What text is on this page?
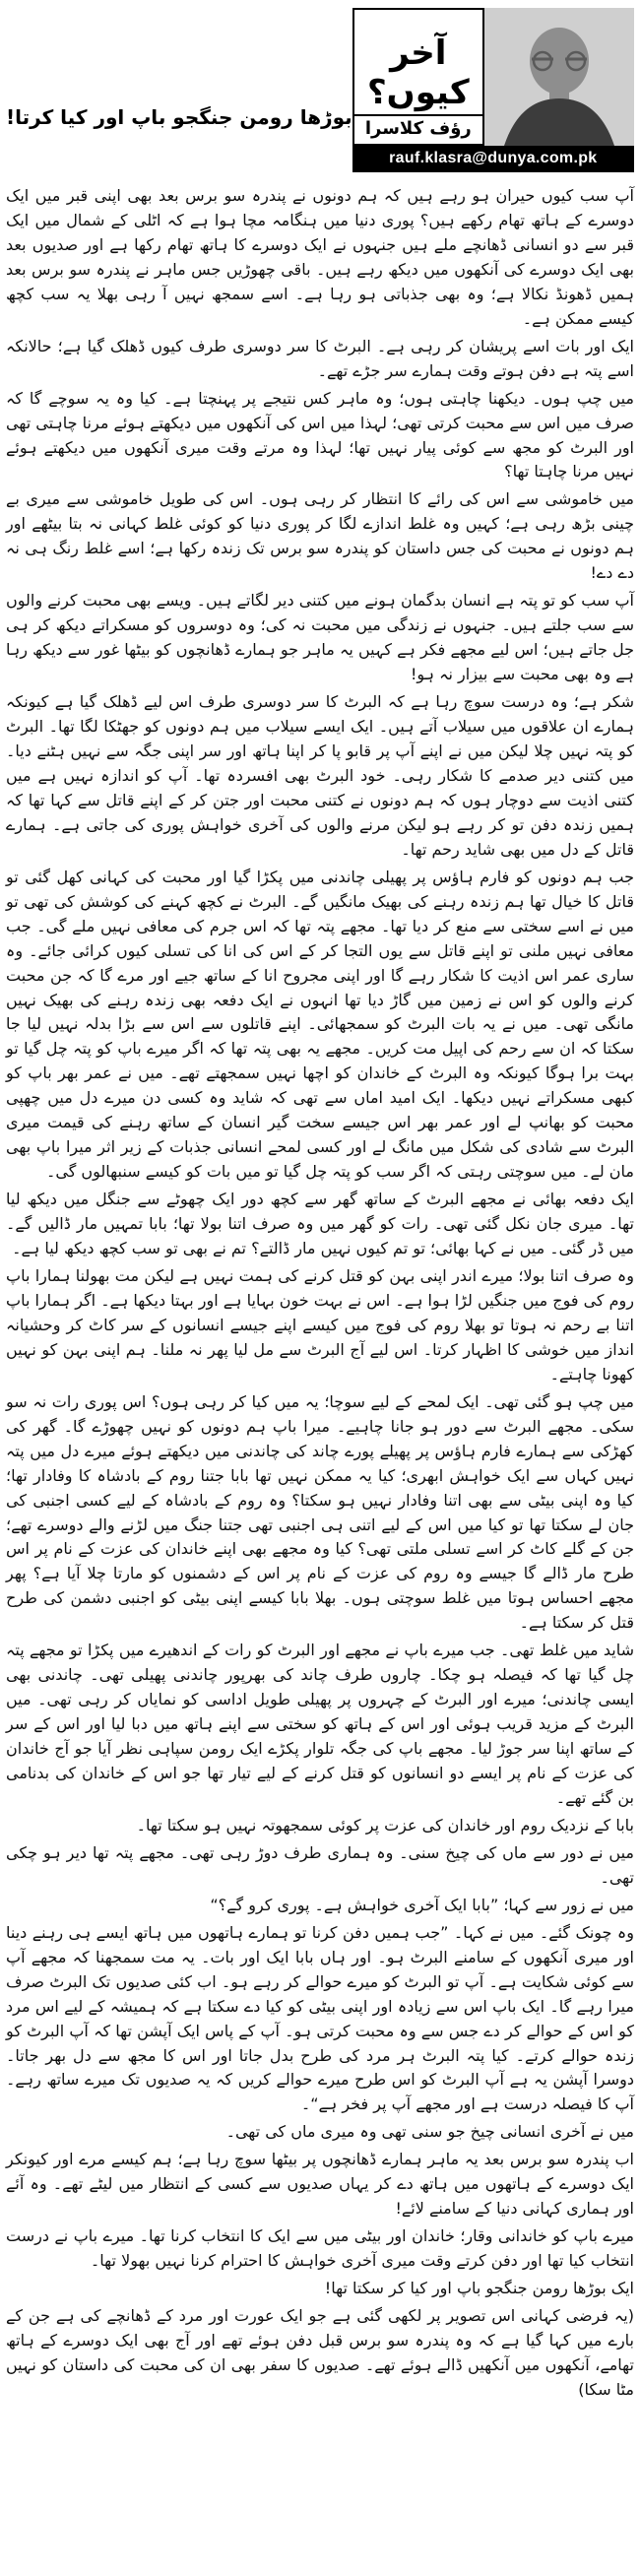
آخر کیوں؟
رؤف کلاسرا
rauf.klasra@dunya.com.pk
بوڑھا رومن جنگجو باپ اور کیا کرتا!

آپ سب کیوں حیران ہو رہے ہیں کہ ہم دونوں نے پندرہ سو برس بعد بھی اپنی قبر میں ایک دوسرے کے ہاتھ تھام رکھے ہیں؟ پوری دنیا میں ہنگامہ مچا ہوا ہے کہ اٹلی کے شمال میں ایک قبر سے دو انسانی ڈھانچے ملے ہیں جنہوں نے ایک دوسرے کا ہاتھ تھام رکھا ہے اور صدیوں بعد بھی ایک دوسرے کی آنکھوں میں دیکھ رہے ہیں۔ باقی چھوڑیں جس ماہر نے پندرہ سو برس بعد ہمیں ڈھونڈ نکالا ہے؛ وہ بھی جذباتی ہو رہا ہے۔ اسے سمجھ نہیں آ رہی بھلا یہ سب کچھ کیسے ممکن ہے۔

ایک اور بات اسے پریشان کر رہی ہے۔ البرٹ کا سر دوسری طرف کیوں ڈھلک گیا ہے؛ حالانکہ اسے پتہ ہے دفن ہوتے وقت ہمارے سر جڑے تھے۔

میں چپ ہوں۔ دیکھنا چاہتی ہوں؛ وہ ماہر کس نتیجے پر پہنچتا ہے۔ کیا وہ یہ سوچے گا کہ صرف میں اس سے محبت کرتی تھی؛ لہذا میں اس کی آنکھوں میں دیکھتے ہوئے مرنا چاہتی تھی اور البرٹ کو مجھ سے کوئی پیار نہیں تھا؛ لہذا وہ مرتے وقت میری آنکھوں میں دیکھتے ہوئے نہیں مرنا چاہتا تھا؟

میں خاموشی سے اس کی رائے کا انتظار کر رہی ہوں۔ اس کی طویل خاموشی سے میری بے چینی بڑھ رہی ہے؛ کہیں وہ غلط اندازے لگا کر پوری دنیا کو کوئی غلط کہانی نہ بتا بیٹھے اور ہم دونوں نے محبت کی جس داستان کو پندرہ سو برس تک زندہ رکھا ہے؛ اسے غلط رنگ ہی نہ دے دے!

آپ سب کو تو پتہ ہے انسان بدگمان ہونے میں کتنی دیر لگاتے ہیں۔ ویسے بھی محبت کرنے والوں سے سب جلتے ہیں۔ جنہوں نے زندگی میں محبت نہ کی؛ وہ دوسروں کو مسکراتے دیکھ کر ہی جل جاتے ہیں؛ اس لیے مجھے فکر ہے کہیں یہ ماہر جو ہمارے ڈھانچوں کو بیٹھا غور سے دیکھ رہا ہے وہ بھی محبت سے بیزار نہ ہو!

شکر ہے؛ وہ درست سوچ رہا ہے کہ البرٹ کا سر دوسری طرف اس لیے ڈھلک گیا ہے کیونکہ ہمارے ان علاقوں میں سیلاب آتے ہیں۔ ایک ایسے سیلاب میں ہم دونوں کو جھٹکا لگا تھا۔ البرٹ کو پتہ نہیں چلا لیکن میں نے اپنے آپ پر قابو پا کر اپنا ہاتھ اور سر اپنی جگہ سے نہیں ہٹنے دیا۔ میں کتنی دیر صدمے کا شکار رہی۔ خود البرٹ بھی افسردہ تھا۔ آپ کو اندازہ نہیں ہے میں کتنی اذیت سے دوچار ہوں کہ ہم دونوں نے کتنی محبت اور جتن کر کے اپنے قاتل سے کہا تھا کہ ہمیں زندہ دفن تو کر رہے ہو لیکن مرنے والوں کی آخری خواہش پوری کی جاتی ہے۔ ہمارے قاتل کے دل میں بھی شاید رحم تھا۔

جب ہم دونوں کو فارم ہاؤس پر پھیلی چاندنی میں پکڑا گیا اور محبت کی کہانی کھل گئی تو قاتل کا خیال تھا ہم زندہ رہنے کی بھیک مانگیں گے۔ البرٹ نے کچھ کہنے کی کوشش کی تھی تو میں نے اسے سختی سے منع کر دیا تھا۔ مجھے پتہ تھا کہ اس جرم کی معافی نہیں ملے گی۔ جب معافی نہیں ملنی تو اپنے قاتل سے یوں التجا کر کے اس کی انا کی تسلی کیوں کرائی جائے۔ وہ ساری عمر اس اذیت کا شکار رہے گا اور اپنی مجروح انا کے ساتھ جیے اور مرے گا کہ جن محبت کرنے والوں کو اس نے زمین میں گاڑ دیا تھا انہوں نے ایک دفعہ بھی زندہ رہنے کی بھیک نہیں مانگی تھی۔ میں نے یہ بات البرٹ کو سمجھائی۔ اپنے قاتلوں سے اس سے بڑا بدلہ نہیں لیا جا سکتا کہ ان سے رحم کی اپیل مت کریں۔ مجھے یہ بھی پتہ تھا کہ اگر میرے باپ کو پتہ چل گیا تو بہت برا ہوگا کیونکہ وہ البرٹ کے خاندان کو اچھا نہیں سمجھتے تھے۔ میں نے عمر بھر باپ کو کبھی مسکراتے نہیں دیکھا۔ ایک امید اماں سے تھی کہ شاید وہ کسی دن میرے دل میں چھپی محبت کو بھانپ لے اور عمر بھر اس جیسے سخت گیر انسان کے ساتھ رہنے کی قیمت میری البرٹ سے شادی کی شکل میں مانگ لے اور کسی لمحے انسانی جذبات کے زیر اثر میرا باپ بھی مان لے۔ میں سوچتی رہتی کہ اگر سب کو پتہ چل گیا تو میں بات کو کیسے سنبھالوں گی۔

ایک دفعہ بھائی نے مجھے البرٹ کے ساتھ گھر سے کچھ دور ایک چھوٹے سے جنگل میں دیکھ لیا تھا۔ میری جان نکل گئی تھی۔ رات کو گھر میں وہ صرف اتنا بولا تھا؛ بابا تمہیں مار ڈالیں گے۔ میں ڈر گئی۔ میں نے کہا بھائی؛ تو تم کیوں نہیں مار ڈالتے؟ تم نے بھی تو سب کچھ دیکھ لیا ہے۔

وہ صرف اتنا بولا؛ میرے اندر اپنی بہن کو قتل کرنے کی ہمت نہیں ہے لیکن مت بھولنا ہمارا باپ روم کی فوج میں جنگیں لڑا ہوا ہے۔ اس نے بہت خون بہایا ہے اور بہتا دیکھا ہے۔ اگر ہمارا باپ اتنا بے رحم نہ ہوتا تو بھلا روم کی فوج میں کیسے اپنے جیسے انسانوں کے سر کاٹ کر وحشیانہ انداز میں خوشی کا اظہار کرتا۔ اس لیے آج البرٹ سے مل لیا پھر نہ ملنا۔ ہم اپنی بہن کو نہیں کھونا چاہتے۔

میں چپ ہو گئی تھی۔ ایک لمحے کے لیے سوچا؛ یہ میں کیا کر رہی ہوں؟ اس پوری رات نہ سو سکی۔ مجھے البرٹ سے دور ہو جانا چاہیے۔ میرا باپ ہم دونوں کو نہیں چھوڑے گا۔ گھر کی کھڑکی سے ہمارے فارم ہاؤس پر پھیلے پورے چاند کی چاندنی میں دیکھتے ہوئے میرے دل میں پتہ نہیں کہاں سے ایک خواہش ابھری؛ کیا یہ ممکن نہیں تھا بابا جتنا روم کے بادشاہ کا وفادار تھا؛ کیا وہ اپنی بیٹی سے بھی اتنا وفادار نہیں ہو سکتا؟ وہ روم کے بادشاہ کے لیے کسی اجنبی کی جان لے سکتا تھا تو کیا میں اس کے لیے اتنی ہی اجنبی تھی جتنا جنگ میں لڑنے والے دوسرے تھے؛ جن کے گلے کاٹ کر اسے تسلی ملتی تھی؟ کیا وہ مجھے بھی اپنے خاندان کی عزت کے نام پر اس طرح مار ڈالے گا جیسے وہ روم کی عزت کے نام پر اس کے دشمنوں کو مارتا چلا آیا ہے؟ پھر مجھے احساس ہوتا میں غلط سوچتی ہوں۔ بھلا بابا کیسے اپنی بیٹی کو اجنبی دشمن کی طرح قتل کر سکتا ہے۔

شاید میں غلط تھی۔ جب میرے باپ نے مجھے اور البرٹ کو رات کے اندھیرے میں پکڑا تو مجھے پتہ چل گیا تھا کہ فیصلہ ہو چکا۔ چاروں طرف چاند کی بھرپور چاندنی پھیلی تھی۔ چاندنی بھی ایسی چاندنی؛ میرے اور البرٹ کے چہروں پر پھیلی طویل اداسی کو نمایاں کر رہی تھی۔ میں البرٹ کے مزید قریب ہوئی اور اس کے ہاتھ کو سختی سے اپنے ہاتھ میں دبا لیا اور اس کے سر کے ساتھ اپنا سر جوڑ لیا۔ مجھے باپ کی جگہ تلوار پکڑے ایک رومن سپاہی نظر آیا جو آج خاندان کی عزت کے نام پر ایسے دو انسانوں کو قتل کرنے کے لیے تیار تھا جو اس کے خاندان کی بدنامی بن گئے تھے۔

بابا کے نزدیک روم اور خاندان کی عزت پر کوئی سمجھوتہ نہیں ہو سکتا تھا۔

میں نے دور سے ماں کی چیخ سنی۔ وہ ہماری طرف دوڑ رہی تھی۔ مجھے پتہ تھا دیر ہو چکی تھی۔

میں نے زور سے کہا؛ ”بابا ایک آخری خواہش ہے۔ پوری کرو گے؟“

وہ چونک گئے۔ میں نے کہا۔ ”جب ہمیں دفن کرنا تو ہمارے ہاتھوں میں ہاتھ ایسے ہی رہنے دینا اور میری آنکھوں کے سامنے البرٹ ہو۔ اور ہاں بابا ایک اور بات۔ یہ مت سمجھنا کہ مجھے آپ سے کوئی شکایت ہے۔ آپ تو البرٹ کو میرے حوالے کر رہے ہو۔ اب کئی صدیوں تک البرٹ صرف میرا رہے گا۔ ایک باپ اس سے زیادہ اور اپنی بیٹی کو کیا دے سکتا ہے کہ ہمیشہ کے لیے اس مرد کو اس کے حوالے کر دے جس سے وہ محبت کرتی ہو۔ آپ کے پاس ایک آپشن تھا کہ آپ البرٹ کو زندہ حوالے کرتے۔ کیا پتہ البرٹ ہر مرد کی طرح بدل جاتا اور اس کا مجھ سے دل بھر جاتا۔ دوسرا آپشن یہ ہے آپ البرٹ کو اس طرح میرے حوالے کریں کہ یہ صدیوں تک میرے ساتھ رہے۔ آپ کا فیصلہ درست ہے اور مجھے آپ پر فخر ہے“۔

میں نے آخری انسانی چیخ جو سنی تھی وہ میری ماں کی تھی۔

اب پندرہ سو برس بعد یہ ماہر ہمارے ڈھانچوں پر بیٹھا سوچ رہا ہے؛ ہم کیسے مرے اور کیونکر ایک دوسرے کے ہاتھوں میں ہاتھ دے کر یہاں صدیوں سے کسی کے انتظار میں لیٹے تھے۔ وہ آئے اور ہماری کہانی دنیا کے سامنے لائے!

میرے باپ کو خاندانی وقار؛ خاندان اور بیٹی میں سے ایک کا انتخاب کرنا تھا۔ میرے باپ نے درست انتخاب کیا تھا اور دفن کرتے وقت میری آخری خواہش کا احترام کرنا نہیں بھولا تھا۔

ایک بوڑھا رومن جنگجو باپ اور کیا کر سکتا تھا!

(یہ فرضی کہانی اس تصویر پر لکھی گئی ہے جو ایک عورت اور مرد کے ڈھانچے کی ہے جن کے بارے میں کہا گیا ہے کہ وہ پندرہ سو برس قبل دفن ہوئے تھے اور آج بھی ایک دوسرے کے ہاتھ تھامے، آنکھوں میں آنکھیں ڈالے ہوئے تھے۔ صدیوں کا سفر بھی ان کی محبت کی داستان کو نہیں مٹا سکا)
